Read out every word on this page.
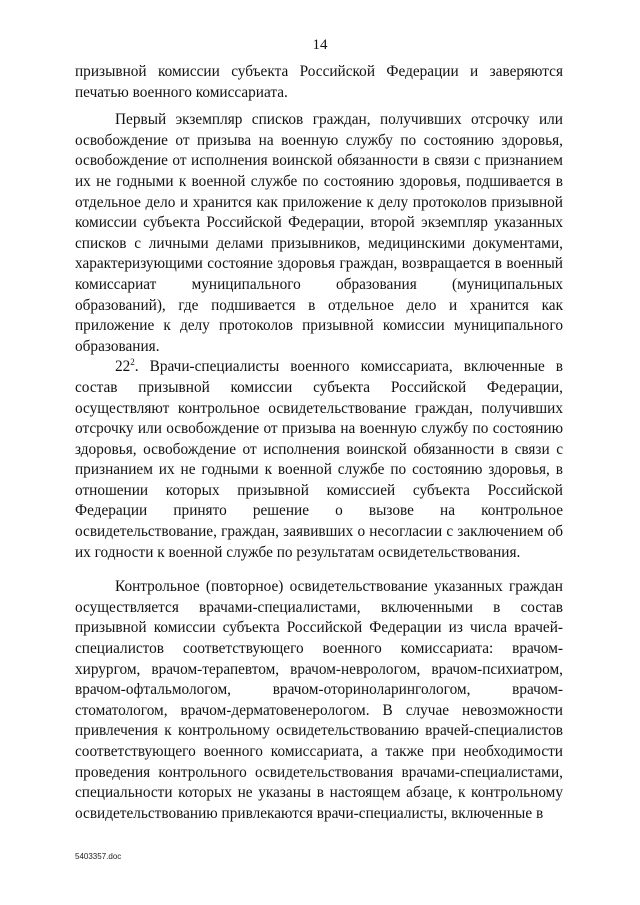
14

призывной комиссии субъекта Российской Федерации и заверяются печатью военного комиссариата.

Первый экземпляр списков граждан, получивших отсрочку или освобождение от призыва на военную службу по состоянию здоровья, освобождение от исполнения воинской обязанности в связи с признанием их не годными к военной службе по состоянию здоровья, подшивается в отдельное дело и хранится как приложение к делу протоколов призывной комиссии субъекта Российской Федерации, второй экземпляр указанных списков с личными делами призывников, медицинскими документами, характеризующими состояние здоровья граждан, возвращается в военный комиссариат муниципального образования (муниципальных образований), где подшивается в отдельное дело и хранится как приложение к делу протоколов призывной комиссии муниципального образования.

$22^2$. Врачи-специалисты военного комиссариата, включенные в состав призывной комиссии субъекта Российской Федерации, осуществляют контрольное освидетельствование граждан, получивших отсрочку или освобождение от призыва на военную службу по состоянию здоровья, освобождение от исполнения воинской обязанности в связи с признанием их не годными к военной службе по состоянию здоровья, в отношении которых призывной комиссией субъекта Российской Федерации принято решение о вызове на контрольное освидетельствование, граждан, заявивших о несогласии с заключением об их годности к военной службе по результатам освидетельствования.

Контрольное (повторное) освидетельствование указанных граждан осуществляется врачами-специалистами, включенными в состав призывной комиссии субъекта Российской Федерации из числа врачей-специалистов соответствующего военного комиссариата: врачом-хирургом, врачом-терапевтом, врачом-неврологом, врачом-психиатром, врачом-офтальмологом, врачом-оториноларингологом, врачом-стоматологом, врачом-дерматовенерологом. В случае невозможности привлечения к контрольному освидетельствованию врачей-специалистов соответствующего военного комиссариата, а также при необходимости проведения контрольного освидетельствования врачами-специалистами, специальности которых не указаны в настоящем абзаце, к контрольному освидетельствованию привлекаются врачи-специалисты, включенные в

5403357.doc
